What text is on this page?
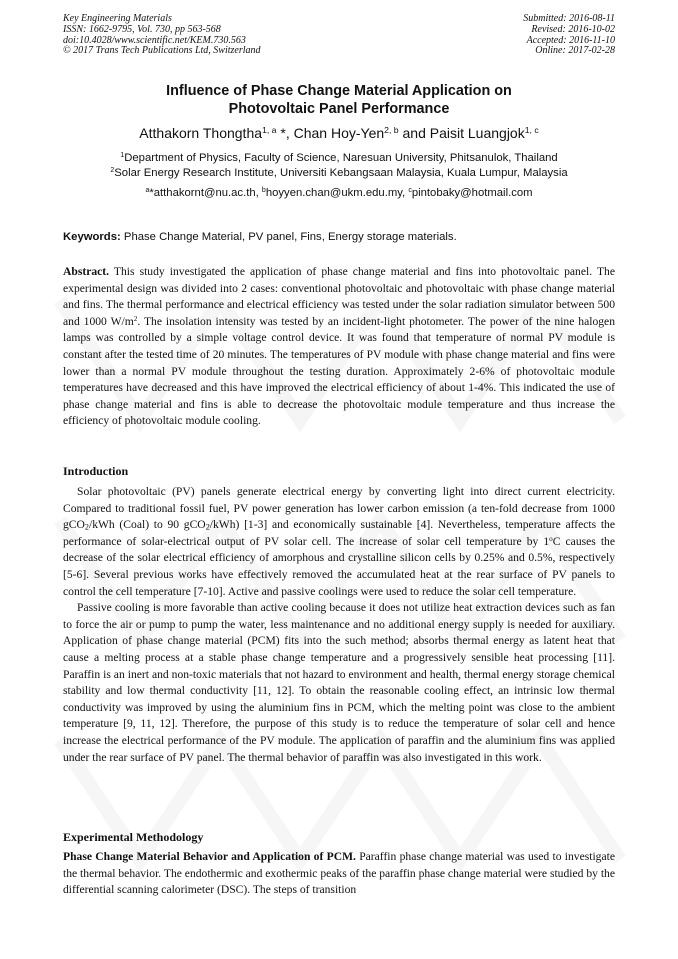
Key Engineering Materials
ISSN: 1662-9795, Vol. 730, pp 563-568
doi:10.4028/www.scientific.net/KEM.730.563
© 2017 Trans Tech Publications Ltd, Switzerland
Submitted: 2016-08-11
Revised: 2016-10-02
Accepted: 2016-11-10
Online: 2017-02-28
Influence of Phase Change Material Application on
Photovoltaic Panel Performance
Atthakorn Thongtha$^{1, a}$ *, Chan Hoy-Yen$^{2, b}$ and Paisit Luangjok$^{1, c}$
$^1$Department of Physics, Faculty of Science, Naresuan University, Phitsanulok, Thailand
$^2$Solar Energy Research Institute, Universiti Kebangsaan Malaysia, Kuala Lumpur, Malaysia
$^a$*atthakornt@nu.ac.th, $^b$hoyyen.chan@ukm.edu.my, $^c$pintobaky@hotmail.com
Keywords: Phase Change Material, PV panel, Fins, Energy storage materials.
Abstract. This study investigated the application of phase change material and fins into photovoltaic panel. The experimental design was divided into 2 cases: conventional photovoltaic and photovoltaic with phase change material and fins. The thermal performance and electrical efficiency was tested under the solar radiation simulator between 500 and 1000 $W/m^2$. The insolation intensity was tested by an incident-light photometer. The power of the nine halogen lamps was controlled by a simple voltage control device. It was found that temperature of normal PV module is constant after the tested time of 20 minutes. The temperatures of PV module with phase change material and fins were lower than a normal PV module throughout the testing duration. Approximately 2-6% of photovoltaic module temperatures have decreased and this have improved the electrical efficiency of about 1-4%. This indicated the use of phase change material and fins is able to decrease the photovoltaic module temperature and thus increase the efficiency of photovoltaic module cooling.
Introduction

Solar photovoltaic (PV) panels generate electrical energy by converting light into direct current electricity. Compared to traditional fossil fuel, PV power generation has lower carbon emission (a ten-fold decrease from 1000 gCO$_2$/kWh (Coal) to 90 gCO$_2$/kWh) [1-3] and economically sustainable [4]. Nevertheless, temperature affects the performance of solar-electrical output of PV solar cell. The increase of solar cell temperature by 1$^o$C causes the decrease of the solar electrical efficiency of amorphous and crystalline silicon cells by 0.25% and 0.5%, respectively [5-6]. Several previous works have effectively removed the accumulated heat at the rear surface of PV panels to control the cell temperature [7-10]. Active and passive coolings were used to reduce the solar cell temperature.

Passive cooling is more favorable than active cooling because it does not utilize heat extraction devices such as fan to force the air or pump to pump the water, less maintenance and no additional energy supply is needed for auxiliary. Application of phase change material (PCM) fits into the such method; absorbs thermal energy as latent heat that cause a melting process at a stable phase change temperature and a progressively sensible heat processing [11]. Paraffin is an inert and non-toxic materials that not hazard to environment and health, thermal energy storage chemical stability and low thermal conductivity [11, 12]. To obtain the reasonable cooling effect, an intrinsic low thermal conductivity was improved by using the aluminium fins in PCM, which the melting point was close to the ambient temperature [9, 11, 12]. Therefore, the purpose of this study is to reduce the temperature of solar cell and hence increase the electrical performance of the PV module. The application of paraffin and the aluminium fins was applied under the rear surface of PV panel. The thermal behavior of paraffin was also investigated in this work.

Experimental Methodology
Phase Change Material Behavior and Application of PCM. Paraffin phase change material was used to investigate the thermal behavior. The endothermic and exothermic peaks of the paraffin phase change material were studied by the differential scanning calorimeter (DSC). The steps of transition
